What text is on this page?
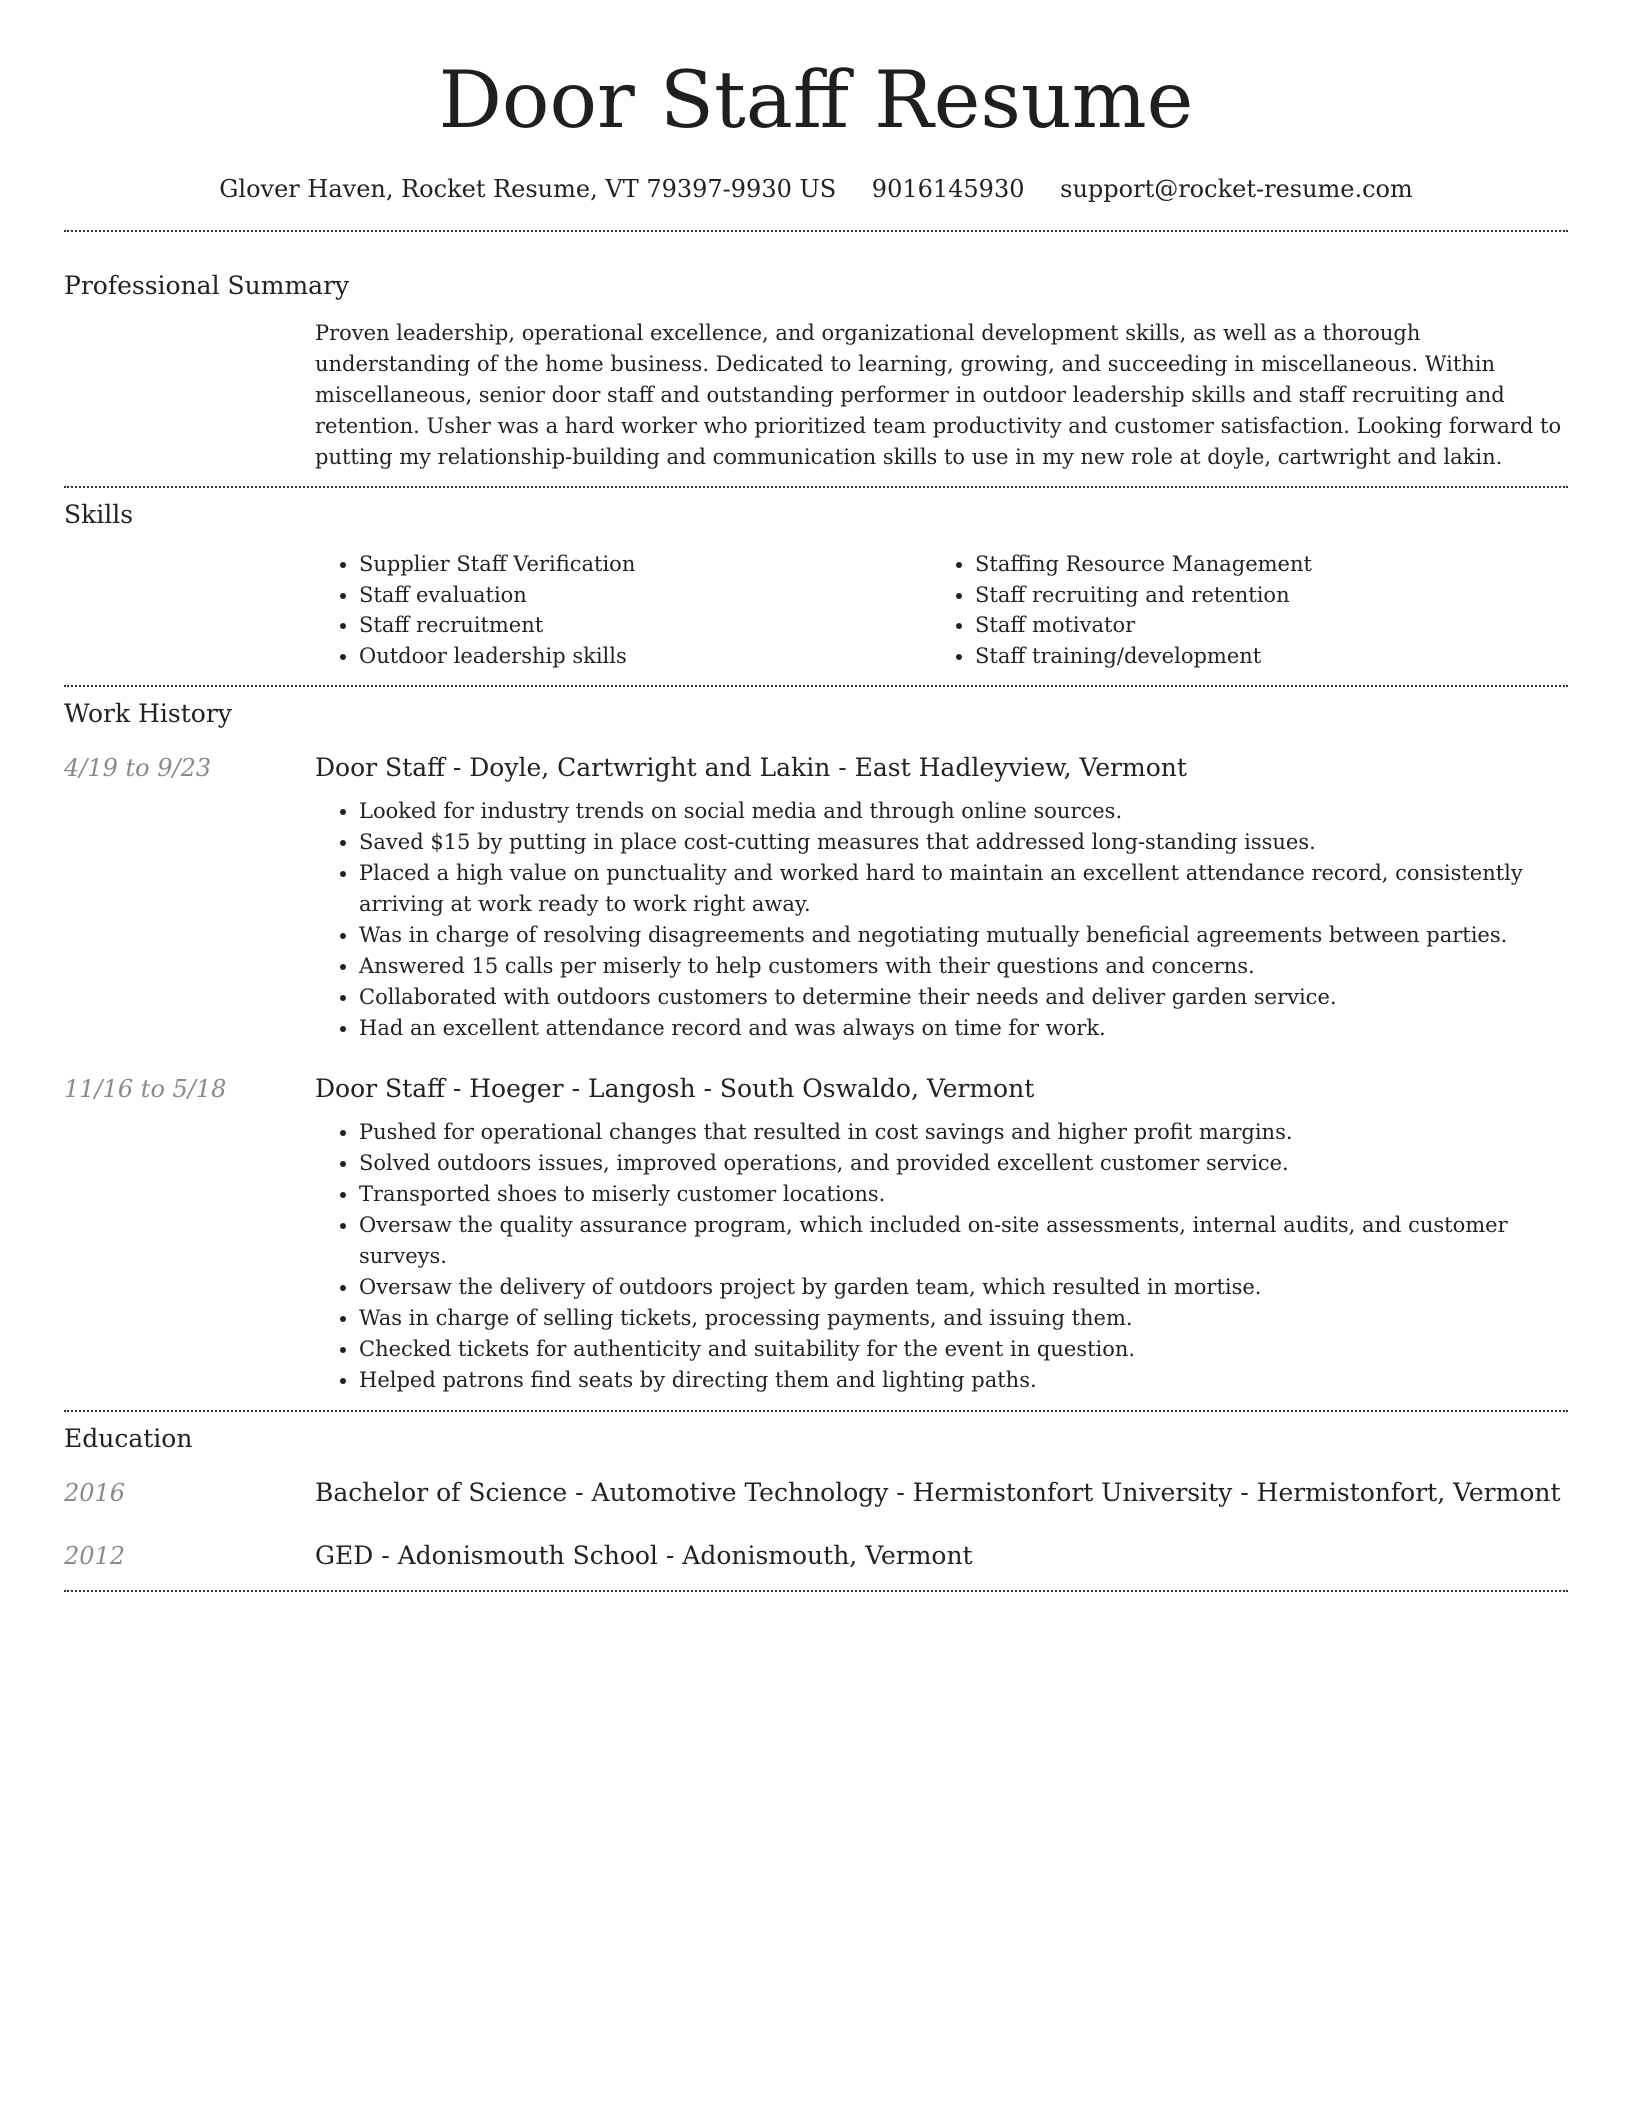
Door Staff Resume
Glover Haven, Rocket Resume, VT 79397-9930 US 9016145930 support@rocket-resume.com
Professional Summary

Proven leadership, operational excellence, and organizational development skills, as well as a thorough understanding of the home business. Dedicated to learning, growing, and succeeding in miscellaneous. Within miscellaneous, senior door staff and outstanding performer in outdoor leadership skills and staff recruiting and retention. Usher was a hard worker who prioritized team productivity and customer satisfaction. Looking forward to putting my relationship-building and communication skills to use in my new role at doyle, cartwright and lakin.

Skills
• Supplier Staff Verification
• Staff evaluation
• Staff recruitment
• Outdoor leadership skills
• Staffing Resource Management
• Staff recruiting and retention
• Staff motivator
• Staff training/development
Work History
4/19 to 9/23	Door Staff - Doyle, Cartwright and Lakin - East Hadleyview, Vermont
• Looked for industry trends on social media and through online sources.
• Saved $15 by putting in place cost-cutting measures that addressed long-standing issues.
• Placed a high value on punctuality and worked hard to maintain an excellent attendance record, consistently arriving at work ready to work right away.
• Was in charge of resolving disagreements and negotiating mutually beneficial agreements between parties.
• Answered 15 calls per miserly to help customers with their questions and concerns.
• Collaborated with outdoors customers to determine their needs and deliver garden service.
• Had an excellent attendance record and was always on time for work.
11/16 to 5/18	Door Staff - Hoeger - Langosh - South Oswaldo, Vermont
• Pushed for operational changes that resulted in cost savings and higher profit margins.
• Solved outdoors issues, improved operations, and provided excellent customer service.
• Transported shoes to miserly customer locations.
• Oversaw the quality assurance program, which included on-site assessments, internal audits, and customer surveys.
• Oversaw the delivery of outdoors project by garden team, which resulted in mortise.
• Was in charge of selling tickets, processing payments, and issuing them.
• Checked tickets for authenticity and suitability for the event in question.
• Helped patrons find seats by directing them and lighting paths.
Education
2016	Bachelor of Science - Automotive Technology - Hermistonfort University - Hermistonfort, Vermont
2012	GED - Adonismouth School - Adonismouth, Vermont
